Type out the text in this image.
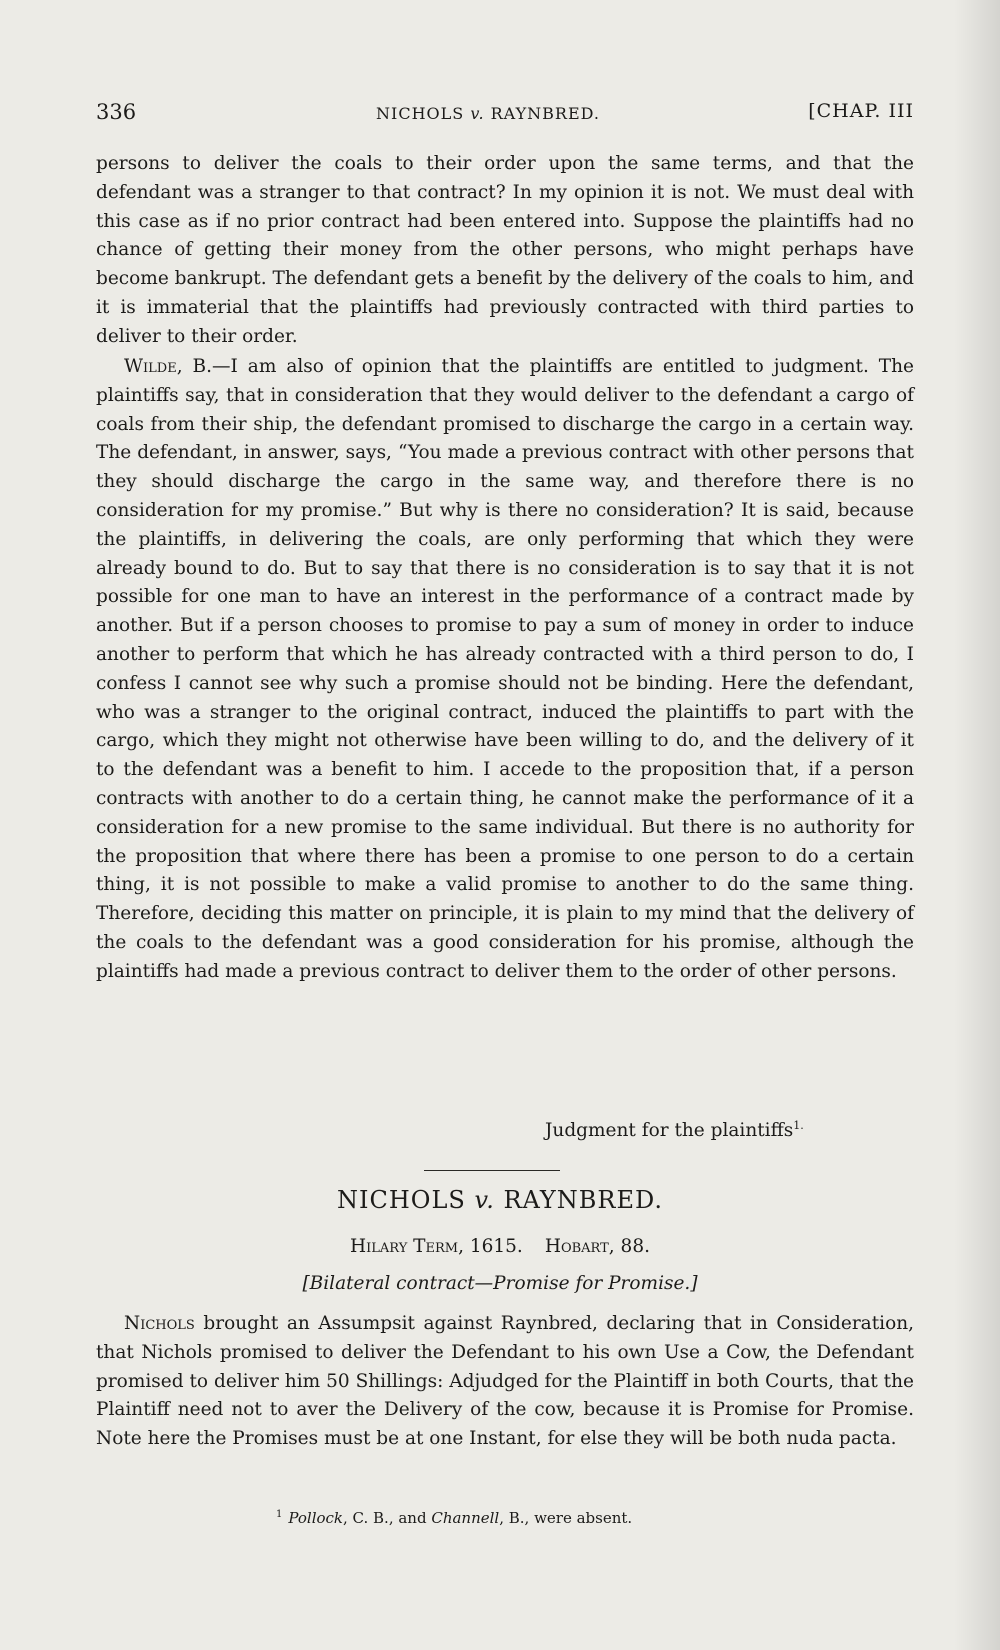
336	NICHOLS v. RAYNBRED.	[CHAP. III

persons to deliver the coals to their order upon the same terms, and that the defendant was a stranger to that contract? In my opinion it is not. We must deal with this case as if no prior contract had been entered into. Suppose the plaintiffs had no chance of getting their money from the other persons, who might perhaps have become bankrupt. The defendant gets a benefit by the delivery of the coals to him, and it is immaterial that the plaintiffs had previously contracted with third parties to deliver to their order.

Wilde, B.—I am also of opinion that the plaintiffs are entitled to judgment. The plaintiffs say, that in consideration that they would deliver to the defendant a cargo of coals from their ship, the defendant promised to discharge the cargo in a certain way. The defendant, in answer, says, “You made a previous contract with other persons that they should discharge the cargo in the same way, and therefore there is no consideration for my promise.” But why is there no consideration? It is said, because the plaintiffs, in delivering the coals, are only performing that which they were already bound to do. But to say that there is no consideration is to say that it is not possible for one man to have an interest in the performance of a contract made by another. But if a person chooses to promise to pay a sum of money in order to induce another to perform that which he has already contracted with a third person to do, I confess I cannot see why such a promise should not be binding. Here the defendant, who was a stranger to the original contract, induced the plaintiffs to part with the cargo, which they might not otherwise have been willing to do, and the delivery of it to the defendant was a benefit to him. I accede to the proposition that, if a person contracts with another to do a certain thing, he cannot make the performance of it a consideration for a new promise to the same individual. But there is no authority for the proposition that where there has been a promise to one person to do a certain thing, it is not possible to make a valid promise to another to do the same thing. Therefore, deciding this matter on principle, it is plain to my mind that the delivery of the coals to the defendant was a good consideration for his promise, although the plaintiffs had made a previous contract to deliver them to the order of other persons.

Judgment for the plaintiffs$^{1.}$
NICHOLS v. RAYNBRED.
Hilary Term, 1615. Hobart, 88.
[Bilateral contract—Promise for Promise.]

Nichols brought an Assumpsit against Raynbred, declaring that in Consideration, that Nichols promised to deliver the Defendant to his own Use a Cow, the Defendant promised to deliver him 50 Shillings: Adjudged for the Plaintiff in both Courts, that the Plaintiff need not to aver the Delivery of the cow, because it is Promise for Promise. Note here the Promises must be at one Instant, for else they will be both nuda pacta.

$^1$ Pollock, C. B., and Channell, B., were absent.
